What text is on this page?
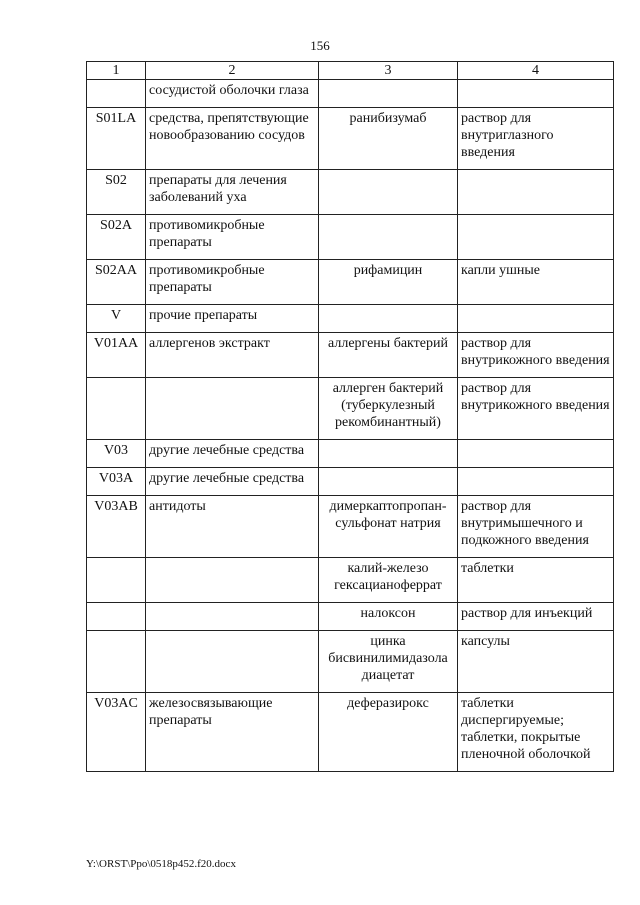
156
1	2	3	4
	сосудистой оболочки глаза		
S01LA	средства, препятствующие новообразованию сосудов	ранибизумаб	раствор для внутриглазного введения
S02	препараты для лечения заболеваний уха		
S02A	противомикробные препараты		
S02AA	противомикробные препараты	рифамицин	капли ушные
V	прочие препараты		
V01AA	аллергенов экстракт	аллергены бактерий	раствор для внутрикожного введения
		аллерген бактерий (туберкулезный рекомбинантный)	раствор для внутрикожного введения
V03	другие лечебные средства		
V03A	другие лечебные средства		
V03AB	антидоты	димеркаптопропан-сульфонат натрия	раствор для внутримышечного и подкожного введения
		калий-железо гексацианоферрат	таблетки
		налоксон	раствор для инъекций
		цинка бисвинилимидазола диацетат	капсулы
V03AC	железосвязывающие препараты	деферазирокс	таблетки диспергируемые; таблетки, покрытые пленочной оболочкой
Y:\ORST\Ppo\0518p452.f20.docx
